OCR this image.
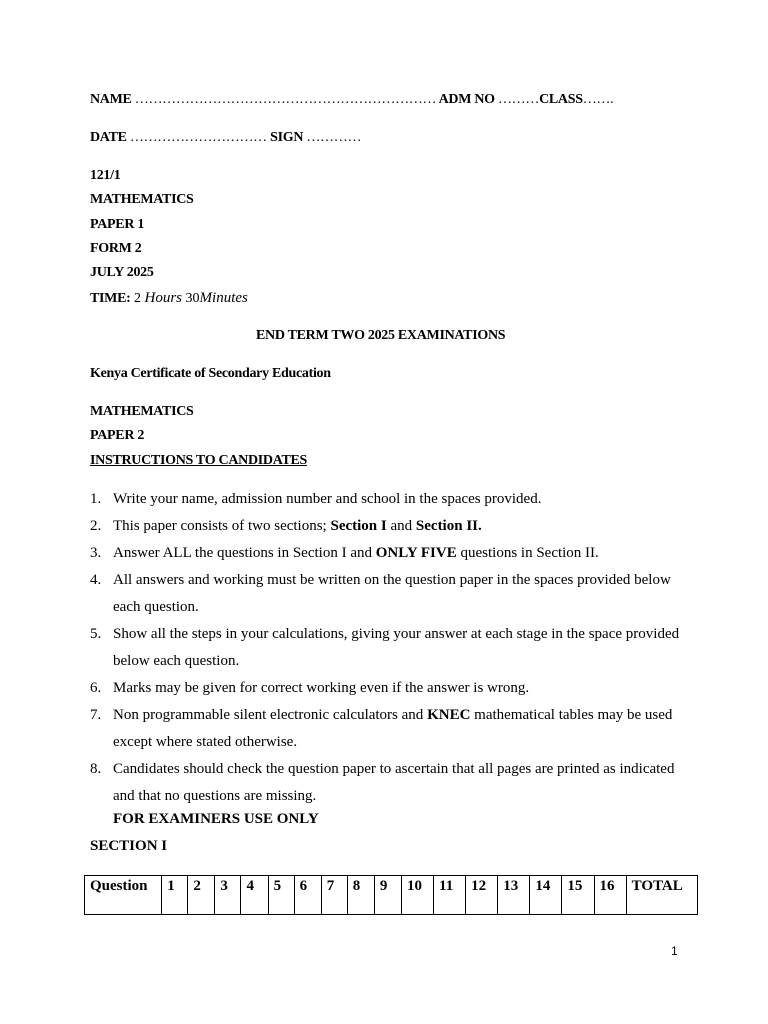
NAME ………………………………………………………… ADM NO ………CLASS…….
DATE ………………………… SIGN …………
121/1
MATHEMATICS
PAPER 1
FORM 2
JULY 2025
TIME: 2 Hours 30Minutes
END TERM TWO 2025 EXAMINATIONS
Kenya Certificate of Secondary Education
MATHEMATICS
PAPER 2
INSTRUCTIONS TO CANDIDATES
1. Write your name, admission number and school in the spaces provided.
2. This paper consists of two sections; Section I and Section II.
3. Answer ALL the questions in Section I and ONLY FIVE questions in Section II.
4. All answers and working must be written on the question paper in the spaces provided below each question.
5. Show all the steps in your calculations, giving your answer at each stage in the space provided below each question.
6. Marks may be given for correct working even if the answer is wrong.
7. Non programmable silent electronic calculators and KNEC mathematical tables may be used except where stated otherwise.
8. Candidates should check the question paper to ascertain that all pages are printed as indicated and that no questions are missing.
FOR EXAMINERS USE ONLY
SECTION I
Question	1	2	3	4	5	6	7	8	9	10	11	12	13	14	15	16	TOTAL
1
